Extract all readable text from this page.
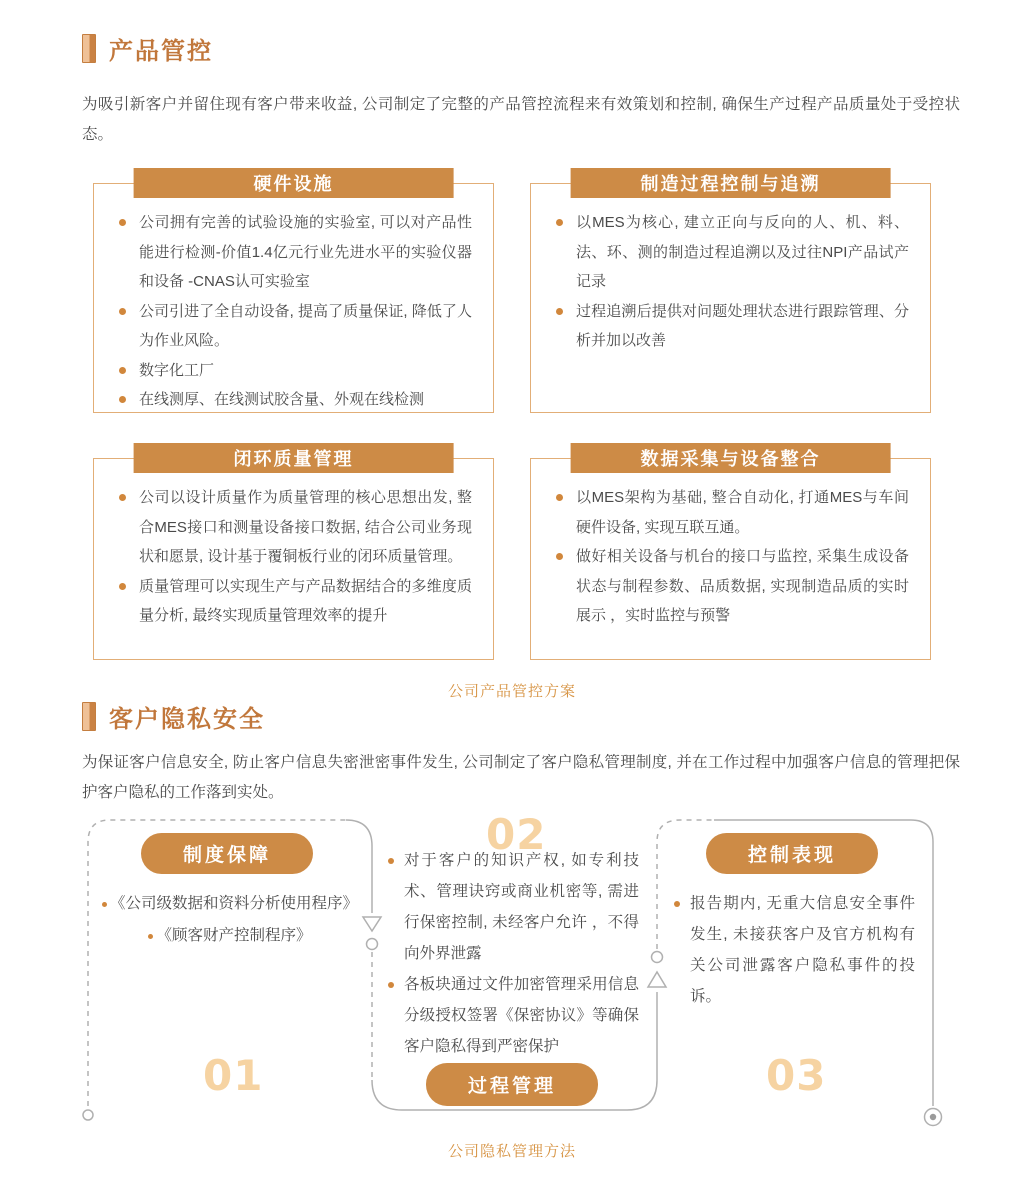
产品管控
为吸引新客户并留住现有客户带来收益, 公司制定了完整的产品管控流程来有效策划和控制, 确保生产过程产品质量处于受控状态。
硬件设施
公司拥有完善的试验设施的实验室, 可以对产品性能进行检测-价值1.4亿元行业先进水平的实验仪器和设备 -CNAS认可实验室
公司引进了全自动设备, 提高了质量保证, 降低了人为作业风险。
数字化工厂
在线测厚、在线测试胶含量、外观在线检测
制造过程控制与追溯
以MES为核心, 建立正向与反向的人、机、料、法、环、测的制造过程追溯以及过往NPI产品试产记录
过程追溯后提供对问题处理状态进行跟踪管理、分析并加以改善
闭环质量管理
公司以设计质量作为质量管理的核心思想出发, 整合MES接口和测量设备接口数据, 结合公司业务现状和愿景, 设计基于覆铜板行业的闭环质量管理。
质量管理可以实现生产与产品数据结合的多维度质量分析, 最终实现质量管理效率的提升
数据采集与设备整合
以MES架构为基础, 整合自动化, 打通MES与车间硬件设备, 实现互联互通。
做好相关设备与机台的接口与监控, 采集生成设备状态与制程参数、品质数据, 实现制造品质的实时展示 ，实时监控与预警
公司产品管控方案
客户隐私安全
为保证客户信息安全, 防止客户信息失密泄密事件发生, 公司制定了客户隐私管理制度, 并在工作过程中加强客户信息的管理把保护客户隐私的工作落到实处。
制度保障
《公司级数据和资料分析使用程序》
《顾客财产控制程序》
01
02
对于客户的知识产权, 如专利技术、管理诀窍或商业机密等, 需进行保密控制, 未经客户允许 ，不得向外界泄露
各板块通过文件加密管理采用信息分级授权签署《保密协议》等确保客户隐私得到严密保护
过程管理
控制表现
报告期内, 无重大信息安全事件发生, 未接获客户及官方机构有关公司泄露客户隐私事件的投诉。
03
公司隐私管理方法
